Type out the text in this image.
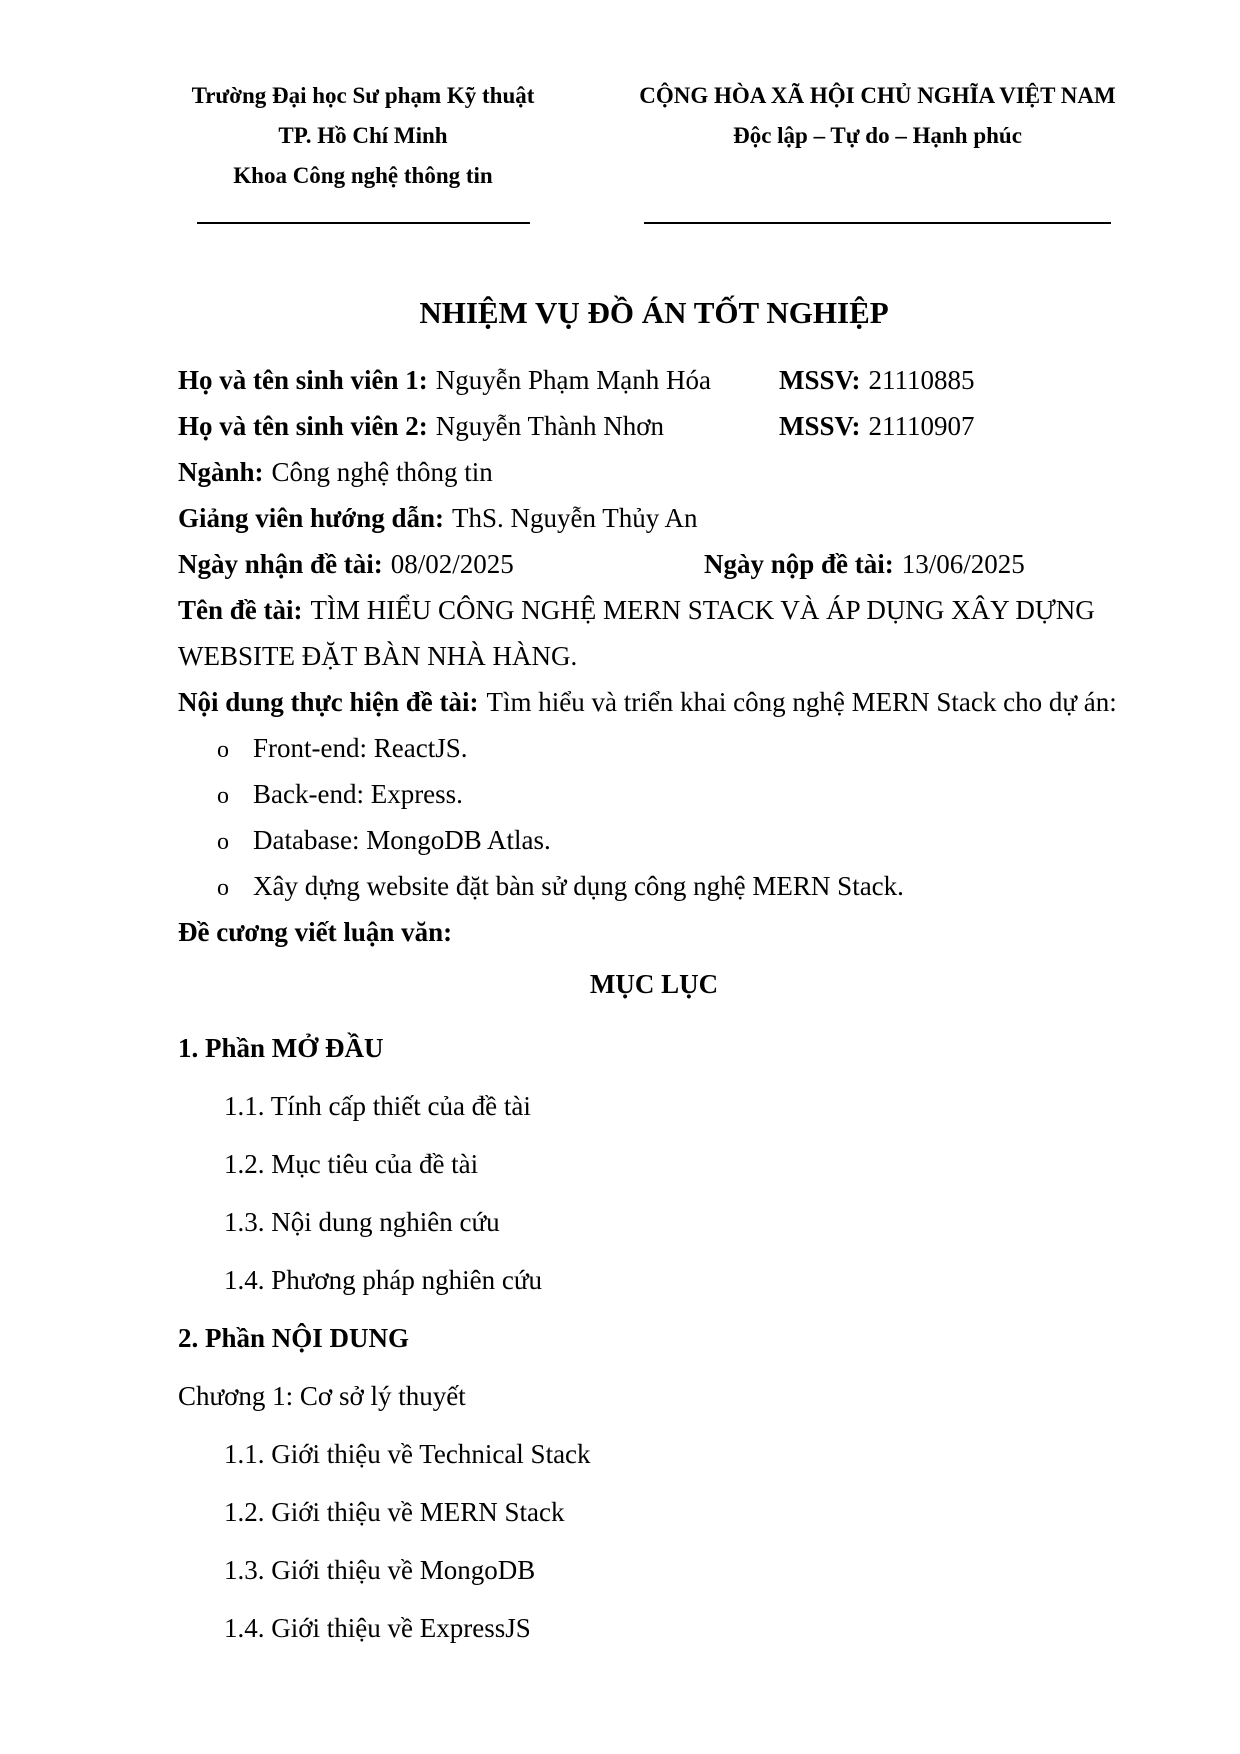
Trường Đại học Sư phạm Kỹ thuật
TP. Hồ Chí Minh
Khoa Công nghệ thông tin
CỘNG HÒA XÃ HỘI CHỦ NGHĨA VIỆT NAM
Độc lập – Tự do – Hạnh phúc
NHIỆM VỤ ĐỒ ÁN TỐT NGHIỆP
Họ và tên sinh viên 1: Nguyễn Phạm Mạnh Hóa	MSSV: 21110885
Họ và tên sinh viên 2: Nguyễn Thành Nhơn	MSSV: 21110907
Ngành: Công nghệ thông tin
Giảng viên hướng dẫn: ThS. Nguyễn Thủy An
Ngày nhận đề tài: 08/02/2025	Ngày nộp đề tài: 13/06/2025
Tên đề tài: TÌM HIỂU CÔNG NGHỆ MERN STACK VÀ ÁP DỤNG XÂY DỰNG
WEBSITE ĐẶT BÀN NHÀ HÀNG.
Nội dung thực hiện đề tài: Tìm hiểu và triển khai công nghệ MERN Stack cho dự án:
o Front-end: ReactJS.
o Back-end: Express.
o Database: MongoDB Atlas.
o Xây dựng website đặt bàn sử dụng công nghệ MERN Stack.
Đề cương viết luận văn:
MỤC LỤC
1. Phần MỞ ĐẦU
1.1. Tính cấp thiết của đề tài
1.2. Mục tiêu của đề tài
1.3. Nội dung nghiên cứu
1.4. Phương pháp nghiên cứu
2. Phần NỘI DUNG
Chương 1: Cơ sở lý thuyết
1.1. Giới thiệu về Technical Stack
1.2. Giới thiệu về MERN Stack
1.3. Giới thiệu về MongoDB
1.4. Giới thiệu về ExpressJS
